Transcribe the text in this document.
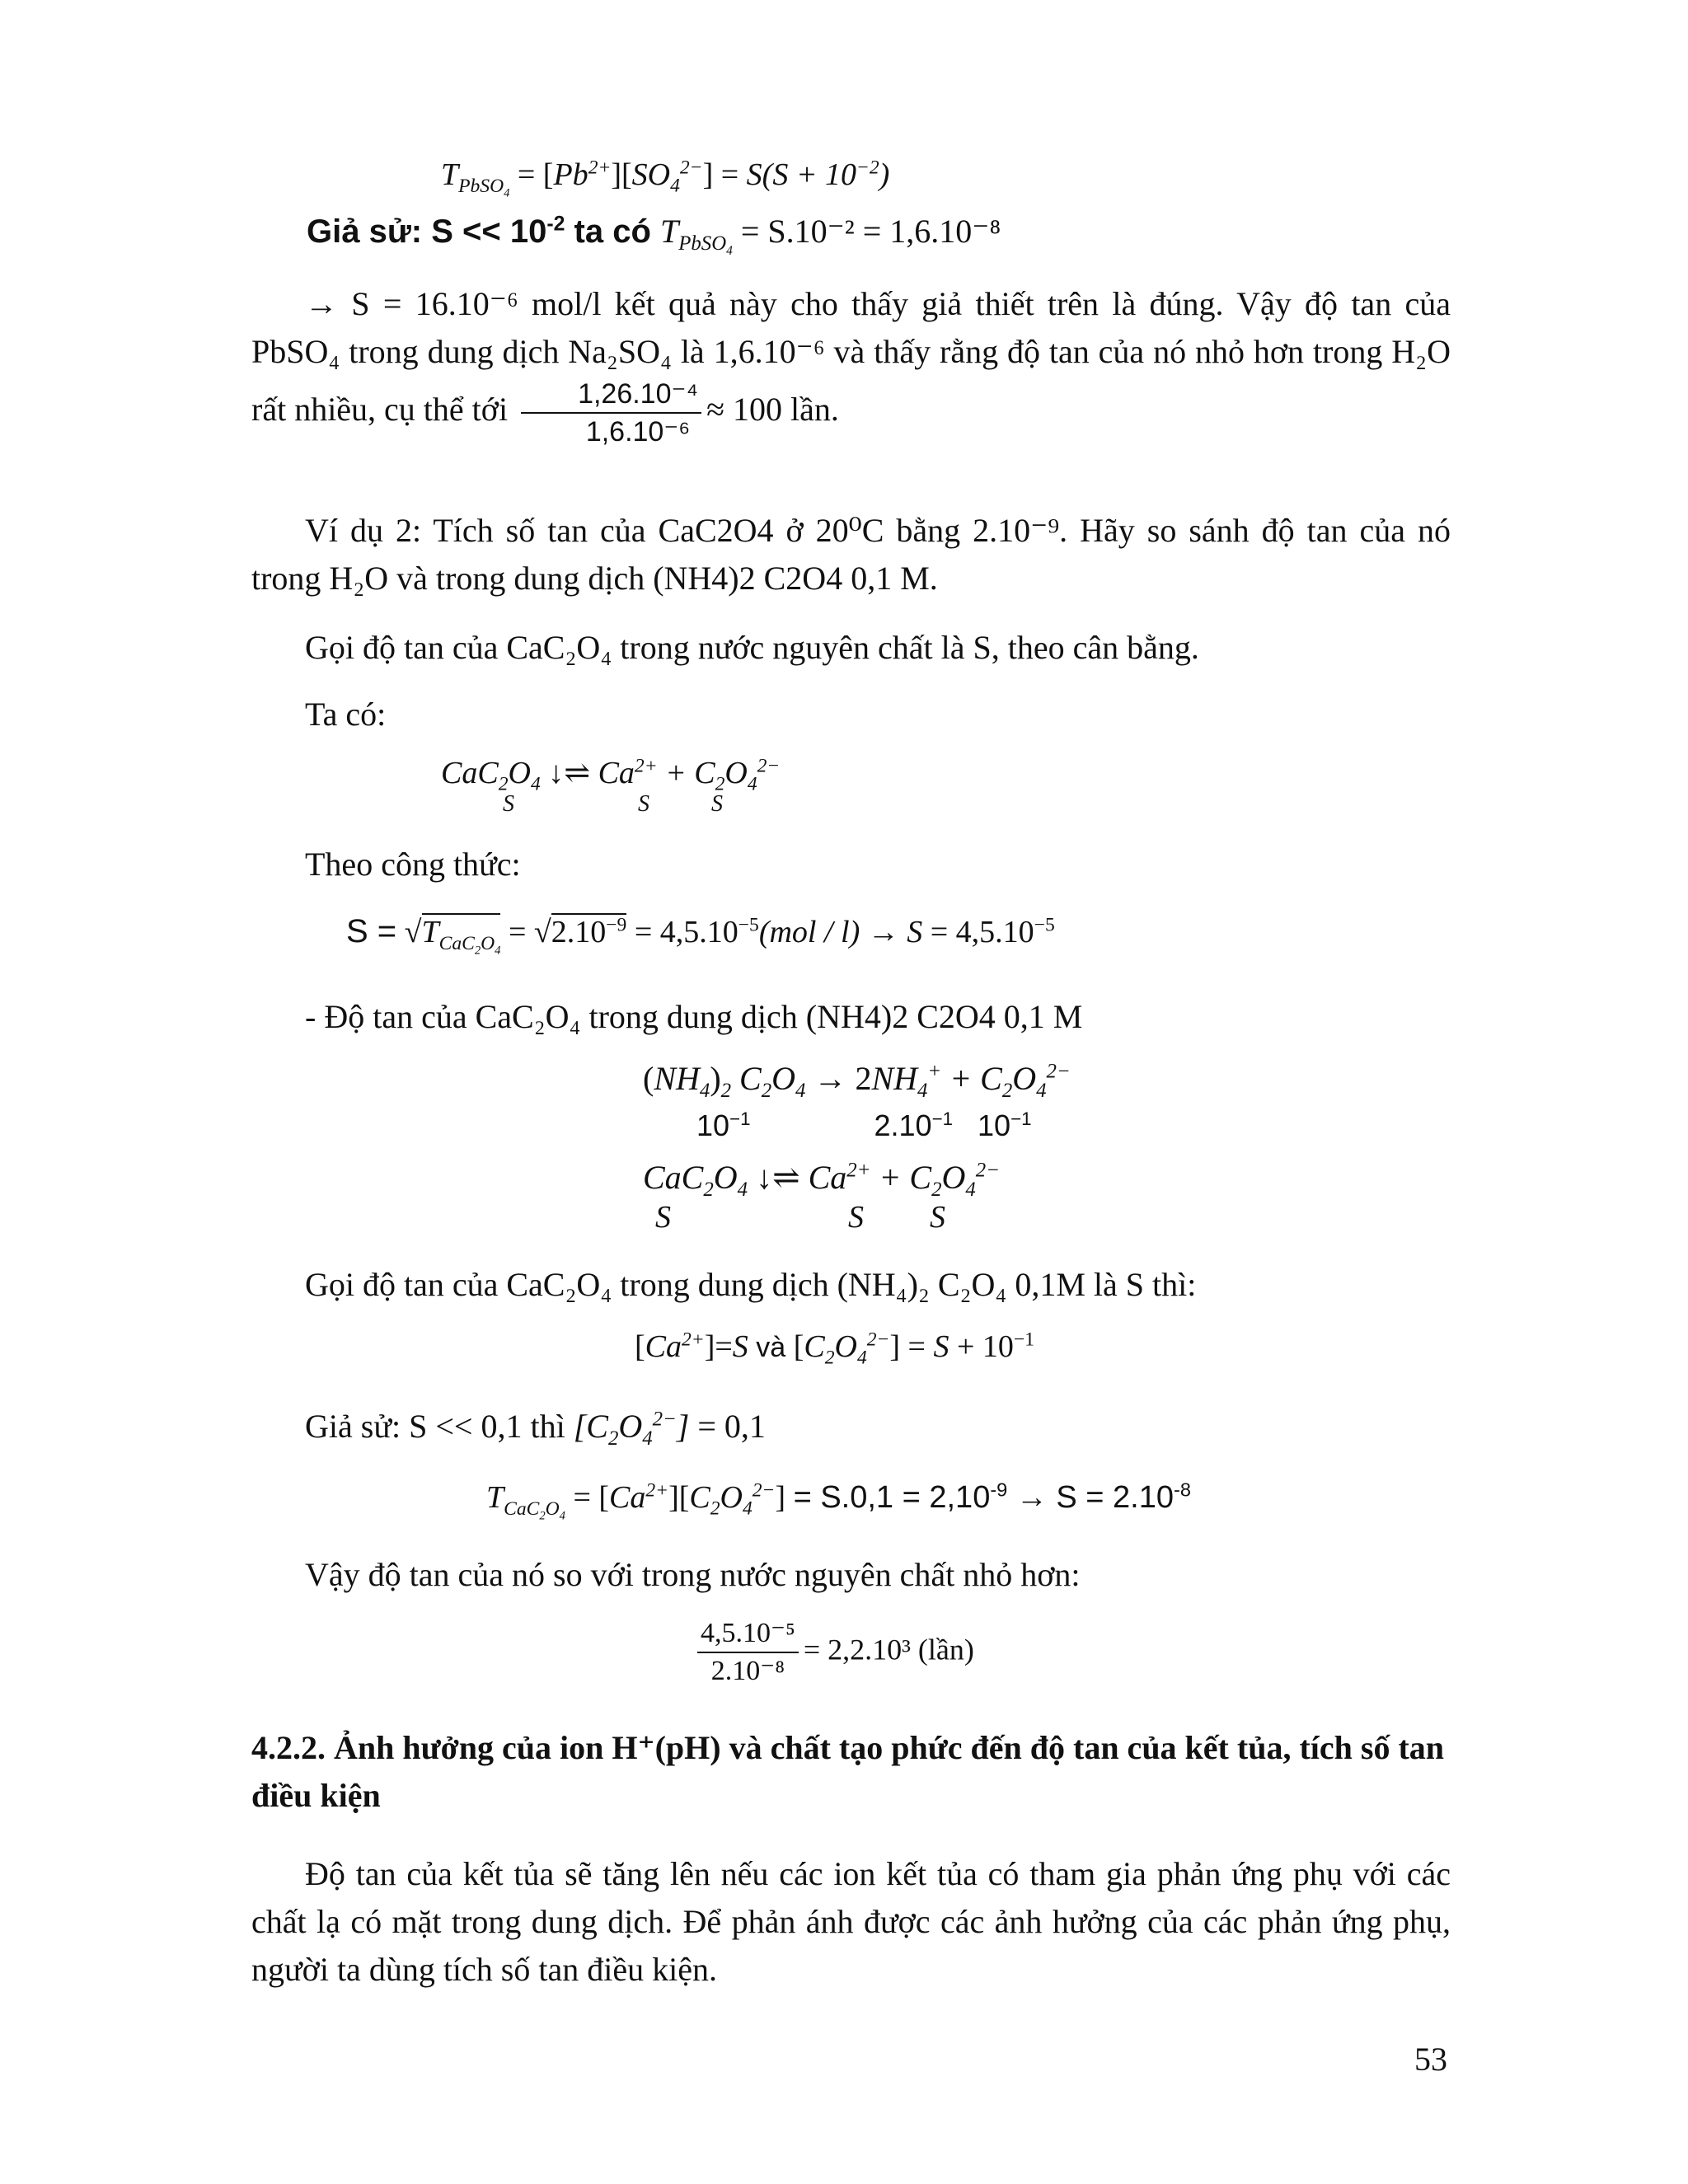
$T_{PbSO_4} = [Pb^{2+}][SO_4^{2-}] = S(S + 10^{-2})$
Giả sử: $S << 10^{-2}$ ta có $T_{PbSO_4} = S.10^{-2} = 1,6.10^{-8}$
→ S = 16.10⁻⁶ mol/l kết quả này cho thấy giả thiết trên là đúng. Vậy độ tan của PbSO₄ trong dung dịch Na₂SO₄ là 1,6.10⁻⁶ và thấy rằng độ tan của nó nhỏ hơn trong H₂O rất nhiều, cụ thể tới $\frac{\text{1,26.10⁻⁴}}{\text{1,6.10⁻⁶}} \approx 100$ lần.
Ví dụ 2: Tích số tan của CaC2O4 ở 20⁰C bằng 2.10⁻⁹. Hãy so sánh độ tan của nó trong H₂O và trong dung dịch (NH4)2 C2O4 0,1 M.
Gọi độ tan của CaC₂O₄ trong nước nguyên chất là S, theo cân bằng.
Ta có:
$CaC_2O_4$ ↓⇌ $Ca^{2+} + C_2O_4^{2-}$
S	S	S
Theo công thức:
$S = √T_{CaC_2O_4} = √2.10^{-9} = 4,5.10^{-5}(mol / l) \to S = 4,5.10^{-5}$
- Độ tan của CaC₂O₄ trong dung dịch (NH4)2 C2O4 0,1 M
$(NH_4)_2$ $C_2O_4 \to 2NH_4^+ + C_2O_4^{2-}$
$10^{-1}$	$2.10^{-1}$ $10^{-1}$
$CaC_2O_4$ ↓⇌ $Ca^{2+} + C_2O_4^{2-}$
S	S S
Gọi độ tan của CaC₂O₄ trong dung dịch (NH₄)₂ C₂O₄ 0,1M là S thì:
$[Ca^{2+}]=S$ và $[C_2O_4^{2-}] = S + 10^{-1}$
Giả sử: S << 0,1 thì $[C_2O_4^{2-}] = 0,1$
$T_{CaC_2O_4} = [Ca^{2+}][C_2O_4^{2-}] = S.0,1 = 2,10^{-9} \to S = 2.10^{-8}$
Vậy độ tan của nó so với trong nước nguyên chất nhỏ hơn:
$\frac{\text{4,5.10⁻⁵}}{\text{2.10⁻⁸}} = 2,2.10^3$ (lần)
4.2.2. Ảnh hưởng của ion H⁺(pH) và chất tạo phức đến độ tan của kết tủa, tích số tan điều kiện
Độ tan của kết tủa sẽ tăng lên nếu các ion kết tủa có tham gia phản ứng phụ với các chất lạ có mặt trong dung dịch. Để phản ánh được các ảnh hưởng của các phản ứng phụ, người ta dùng tích số tan điều kiện.
53
